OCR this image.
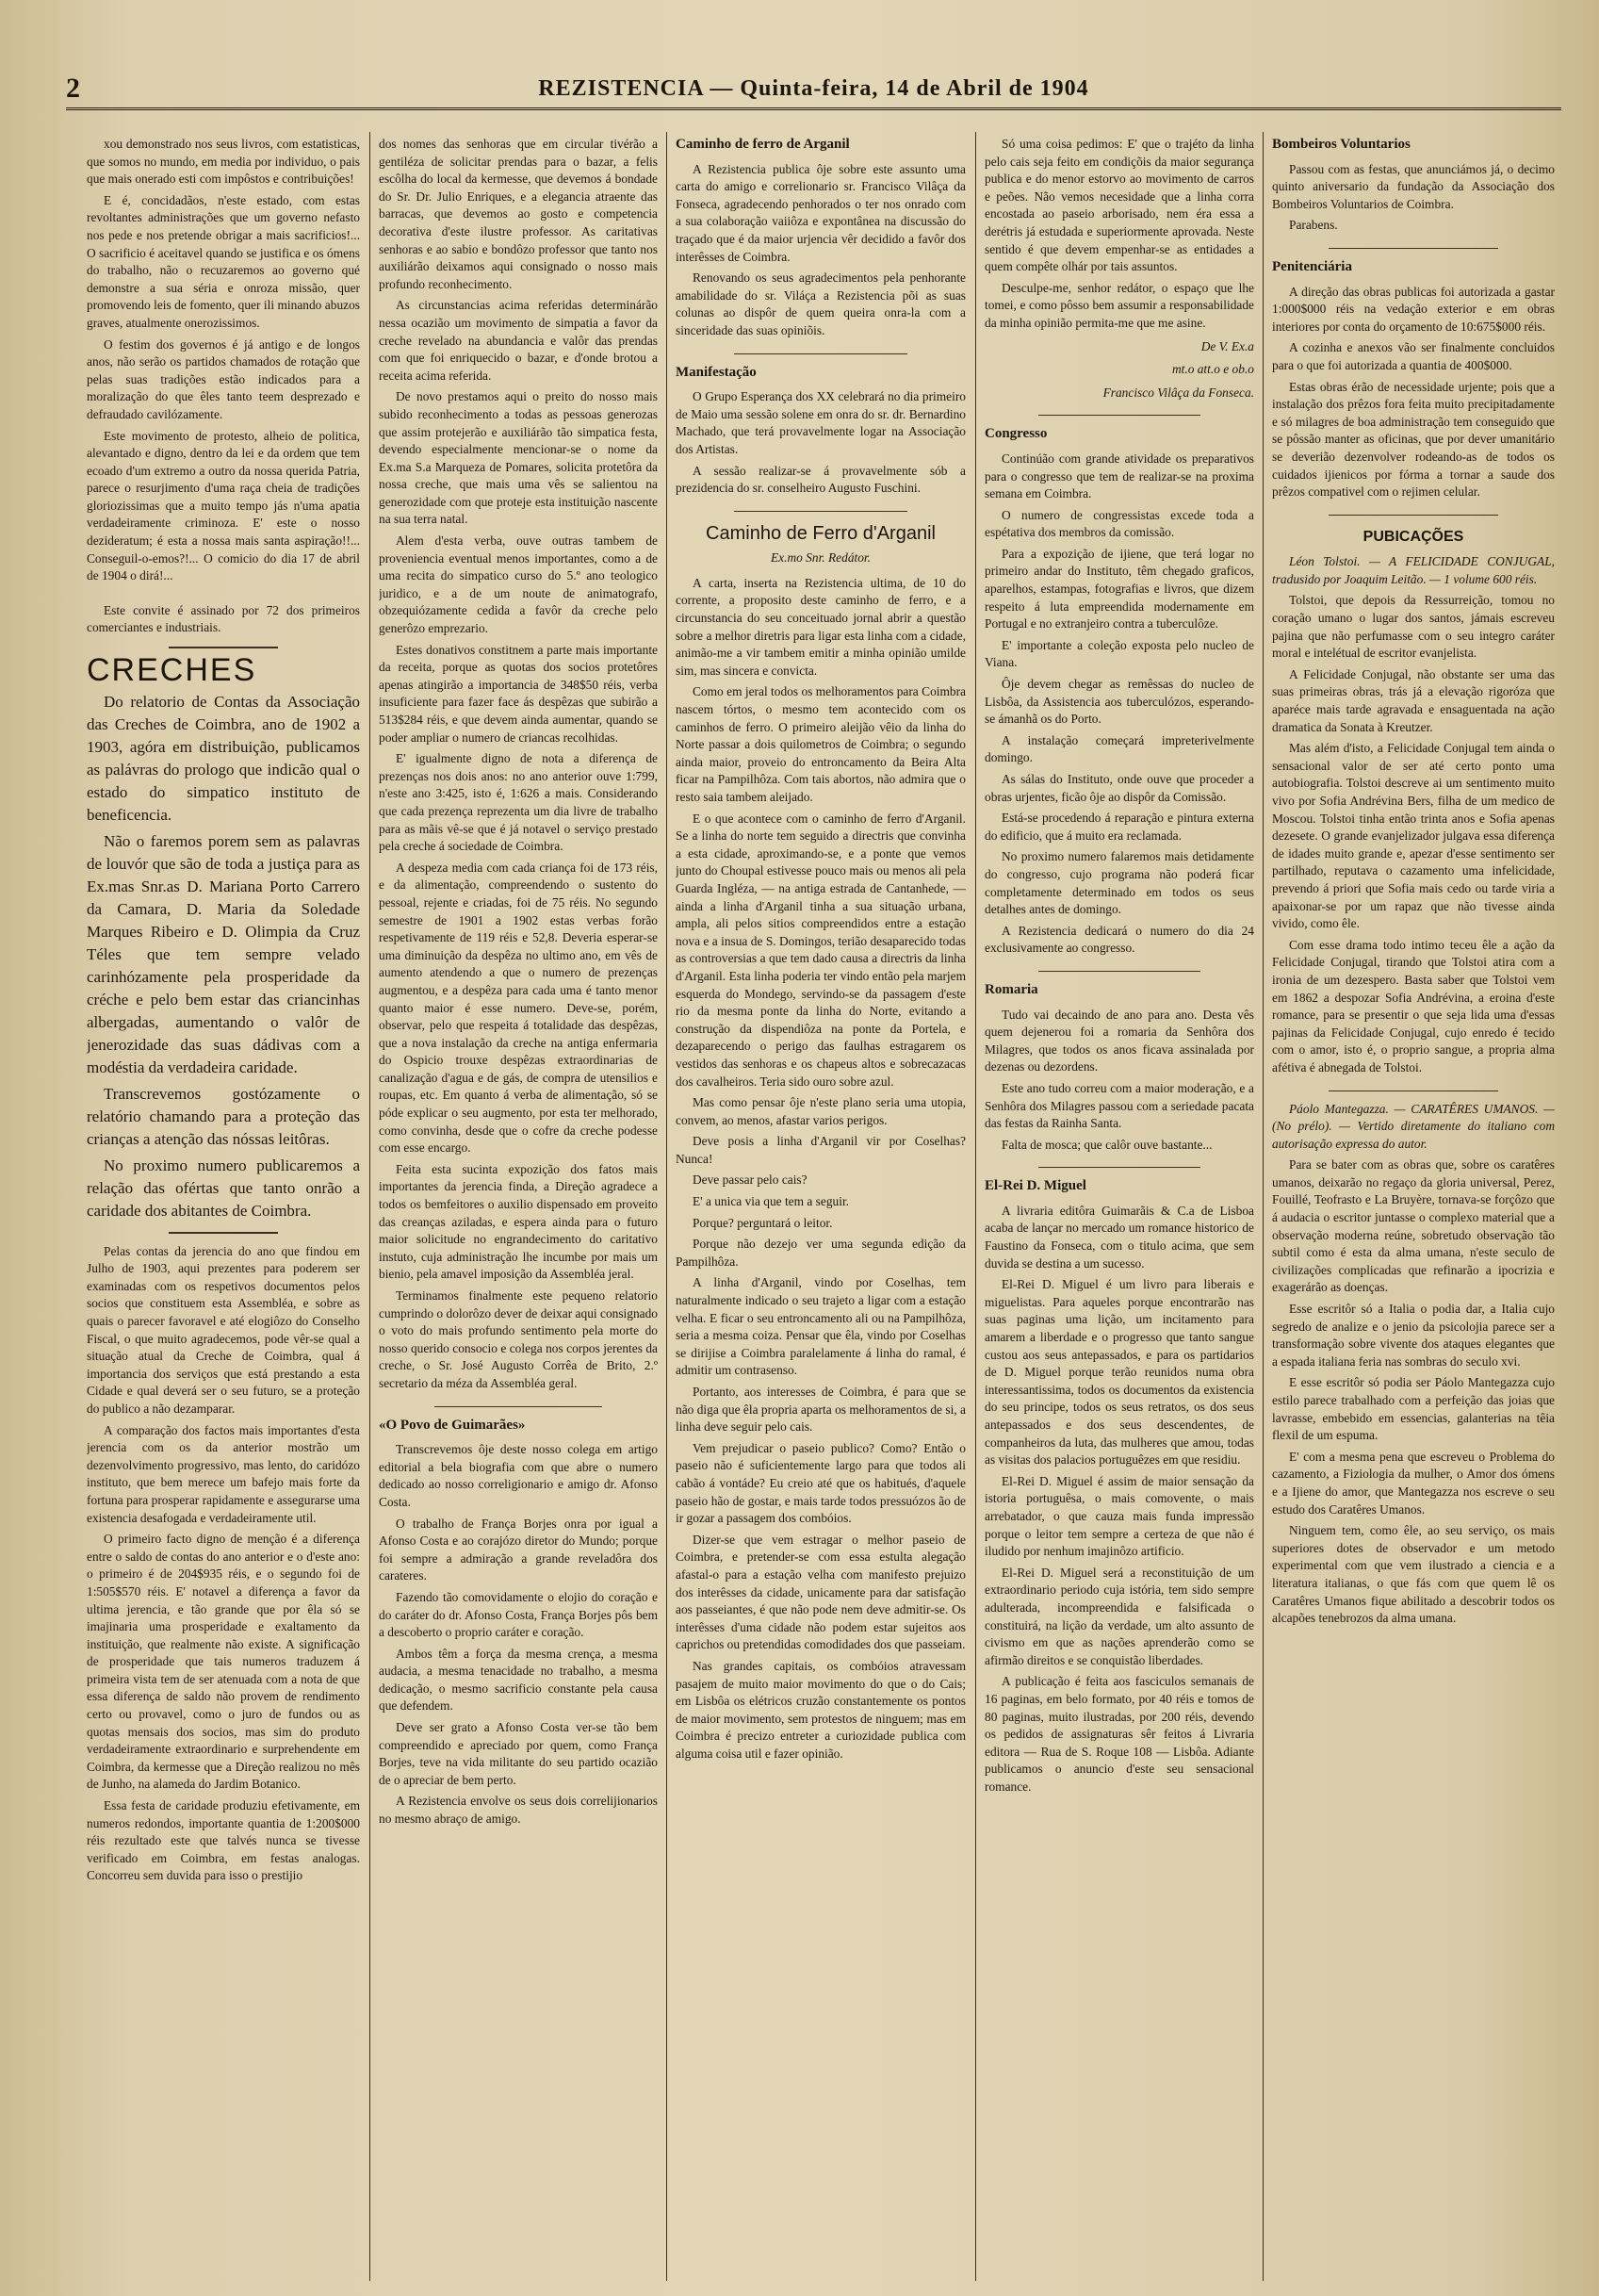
2	REZISTENCIA — Quinta-feira, 14 de Abril de 1904

xou demonstrado nos seus livros, com estatisticas, que somos no mundo, em media por individuo, o pais que mais onerado esti com impôstos e contribuições!

E é, concidadãos, n'este estado, com estas revoltantes administrações que um governo nefasto nos pede e nos pretende obrigar a mais sacrificios!... O sacrificio é aceitavel quando se justifica e os ómens do trabalho, não o recuzaremos ao governo qué demonstre a sua séria e onroza missão, quer promovendo leis de fomento, quer ili minando abuzos graves, atualmente onerozissimos.

O festim dos governos é já antigo e de longos anos, não serão os partidos chamados de rotação que pelas suas tradições estão indicados para a moralização do que êles tanto teem desprezado e defraudado cavilózamente.

Este movimento de protesto, alheio de politica, alevantado e digno, dentro da lei e da ordem que tem ecoado d'um extremo a outro da nossa querida Patria, parece o resurjimento d'uma raça cheia de tradições gloriozissimas que a muito tempo jás n'uma apatia verdadeiramente criminoza. E' este o nosso dezideratum; é esta a nossa mais santa aspiração!!... Conseguil-o-emos?!... O comicio do dia 17 de abril de 1904 o dirá!...

Este convite é assinado por 72 dos primeiros comerciantes e industriais.

CRECHES

Do relatorio de Contas da Associação das Creches de Coimbra, ano de 1902 a 1903, agóra em distribuição, publicamos as palávras do prologo que indicão qual o estado do simpatico instituto de beneficencia.

Não o faremos porem sem as palavras de louvór que são de toda a justiça para as Ex.mas Snr.as D. Mariana Porto Carrero da Camara, D. Maria da Soledade Marques Ribeiro e D. Olimpia da Cruz Téles que tem sempre velado carinhózamente pela prosperidade da créche e pelo bem estar das criancinhas albergadas, aumentando o valôr de jenerozidade das suas dádivas com a modéstia da verdadeira caridade.

Transcrevemos gostózamente o relatório chamando para a proteção das crianças a atenção das nóssas leitôras.

No proximo numero publicaremos a relação das ofértas que tanto onrão a caridade dos abitantes de Coimbra.

Pelas contas da jerencia do ano que findou em Julho de 1903, aqui prezentes para poderem ser examinadas com os respetivos documentos pelos socios que constituem esta Assembléa, e sobre as quais o parecer favoravel e até elogiôzo do Conselho Fiscal, o que muito agradecemos, pode vêr-se qual a situação atual da Creche de Coimbra, qual á importancia dos serviços que está prestando a esta Cidade e qual deverá ser o seu futuro, se a proteção do publico a não dezamparar.

A comparação dos factos mais importantes d'esta jerencia com os da anterior mostrão um dezenvolvimento progressivo, mas lento, do caridózo instituto, que bem merece um bafejo mais forte da fortuna para prosperar rapidamente e assegurarse uma existencia desafogada e verdadeiramente util.

O primeiro facto digno de menção é a diferença entre o saldo de contas do ano anterior e o d'este ano: o primeiro é de 204$935 réis, e o segundo foi de 1:505$570 réis. E' notavel a diferença a favor da ultima jerencia, e tão grande que por êla só se imajinaria uma prosperidade e exaltamento da instituição, que realmente não existe. A significação de prosperidade que tais numeros traduzem á primeira vista tem de ser atenuada com a nota de que essa diferença de saldo não provem de rendimento certo ou provavel, como o juro de fundos ou as quotas mensais dos socios, mas sim do produto verdadeiramente extraordinario e surprehendente em Coimbra, da kermesse que a Direção realizou no mês de Junho, na alameda do Jardim Botanico.

Essa festa de caridade produziu efetivamente, em numeros redondos, importante quantia de 1:200$000 réis rezultado este que talvés nunca se tivesse verificado em Coimbra, em festas analogas. Concorreu sem duvida para isso o prestijio

dos nomes das senhoras que em circular tivérão a gentiléza de solicitar prendas para o bazar, a felis escôlha do local da kermesse, que devemos á bondade do Sr. Dr. Julio Enriques, e a elegancia atraente das barracas, que devemos ao gosto e competencia decorativa d'este ilustre professor. As caritativas senhoras e ao sabio e bondôzo professor que tanto nos auxiliárão deixamos aqui consignado o nosso mais profundo reconhecimento.

As circunstancias acima referidas determinárão nessa ocazião um movimento de simpatia a favor da creche revelado na abundancia e valôr das prendas com que foi enriquecido o bazar, e d'onde brotou a receita acima referida.

De novo prestamos aqui o preito do nosso mais subido reconhecimento a todas as pessoas generozas que assim protejerão e auxiliárão tão simpatica festa, devendo especialmente mencionar-se o nome da Ex.ma S.a Marqueza de Pomares, solicita protetôra da nossa creche, que mais uma vês se salientou na generozidade com que proteje esta instituição nascente na sua terra natal.

Alem d'esta verba, ouve outras tambem de proveniencia eventual menos importantes, como a de uma recita do simpatico curso do 5.º ano teologico juridico, e a de um noute de animatografo, obzequiózamente cedida a favôr da creche pelo generôzo emprezario.

Estes donativos constitnem a parte mais importante da receita, porque as quotas dos socios protetôres apenas atingirão a importancia de 348$50 réis, verba insuficiente para fazer face ás despêzas que subirão a 513$284 réis, e que devem ainda aumentar, quando se poder ampliar o numero de criancas recolhidas.

E' igualmente digno de nota a diferença de prezenças nos dois anos: no ano anterior ouve 1:799, n'este ano 3:425, isto é, 1:626 a mais. Considerando que cada prezença reprezenta um dia livre de trabalho para as mãis vê-se que é já notavel o serviço prestado pela creche á sociedade de Coimbra.

A despeza media com cada criança foi de 173 réis, e da alimentação, compreendendo o sustento do pessoal, rejente e criadas, foi de 75 réis. No segundo semestre de 1901 a 1902 estas verbas forão respetivamente de 119 réis e 52,8. Deveria esperar-se uma diminuição da despêza no ultimo ano, em vês de aumento atendendo a que o numero de prezenças augmentou, e a despêza para cada uma é tanto menor quanto maior é esse numero. Deve-se, porém, observar, pelo que respeita á totalidade das despêzas, que a nova instalação da creche na antiga enfermaria do Ospicio trouxe despêzas extraordinarias de canalização d'agua e de gás, de compra de utensilios e roupas, etc. Em quanto á verba de alimentação, só se póde explicar o seu augmento, por esta ter melhorado, como convinha, desde que o cofre da creche podesse com esse encargo.

Feita esta sucinta expozição dos fatos mais importantes da jerencia finda, a Direção agradece a todos os bemfeitores o auxilio dispensado em proveito das creanças aziladas, e espera ainda para o futuro maior solicitude no engrandecimento do caritativo instuto, cuja administração lhe incumbe por mais um bienio, pela amavel imposição da Assembléa jeral.

Terminamos finalmente este pequeno relatorio cumprindo o dolorôzo dever de deixar aqui consignado o voto do mais profundo sentimento pela morte do nosso querido consocio e colega nos corpos jerentes da creche, o Sr. José Augusto Corrêa de Brito, 2.º secretario da méza da Assembléa geral.

«O Povo de Guimarães»

Transcrevemos ôje deste nosso colega em artigo editorial a bela biografia com que abre o numero dedicado ao nosso correligionario e amigo dr. Afonso Costa.

O trabalho de França Borjes onra por igual a Afonso Costa e ao corajózo diretor do Mundo; porque foi sempre a admiração a grande reveladôra dos carateres.

Fazendo tão comovidamente o elojio do coração e do caráter do dr. Afonso Costa, França Borjes pôs bem a descoberto o proprio caráter e coração.

Ambos têm a força da mesma crença, a mesma audacia, a mesma tenacidade no trabalho, a mesma dedicação, o mesmo sacrificio constante pela causa que defendem.

Deve ser grato a Afonso Costa ver-se tão bem compreendido e apreciado por quem, como França Borjes, teve na vida militante do seu partido ocazião de o apreciar de bem perto.

A Rezistencia envolve os seus dois correlijionarios no mesmo abraço de amigo.

Caminho de ferro de Arganil

A Rezistencia publica ôje sobre este assunto uma carta do amigo e correlionario sr. Francisco Vilâça da Fonseca, agradecendo penhorados o ter nos onrado com a sua colaboração vaiiôza e expontânea na discussão do traçado que é da maior urjencia vêr decidido a favôr dos interêsses de Coimbra.

Renovando os seus agradecimentos pela penhorante amabilidade do sr. Viláça a Rezistencia põi as suas colunas ao dispôr de quem queira onra-la com a sinceridade das suas opiniõis.

Manifestação

O Grupo Esperança dos XX celebrará no dia primeiro de Maio uma sessão solene em onra do sr. dr. Bernardino Machado, que terá provavelmente logar na Associação dos Artistas.

A sessão realizar-se á provavelmente sób a prezidencia do sr. conselheiro Augusto Fuschini.

Caminho de Ferro d'Arganil
Ex.mo Snr. Redátor.

A carta, inserta na Rezistencia ultima, de 10 do corrente, a proposito deste caminho de ferro, e a circunstancia do seu conceituado jornal abrir a questão sobre a melhor diretris para ligar esta linha com a cidade, animão-me a vir tambem emitir a minha opinião umilde sim, mas sincera e convicta.

Como em jeral todos os melhoramentos para Coimbra nascem tórtos, o mesmo tem acontecido com os caminhos de ferro. O primeiro aleijão vêio da linha do Norte passar a dois quilometros de Coimbra; o segundo ainda maior, proveio do entroncamento da Beira Alta ficar na Pampilhôza. Com tais abortos, não admira que o resto saia tambem aleijado.

E o que acontece com o caminho de ferro d'Arganil. Se a linha do norte tem seguido a directris que convinha a esta cidade, aproximando-se, e a ponte que vemos junto do Choupal estivesse pouco mais ou menos ali pela Guarda Ingléza, — na antiga estrada de Cantanhede, — ainda a linha d'Arganil tinha a sua situação urbana, ampla, ali pelos sitios compreendidos entre a estação nova e a insua de S. Domingos, terião desaparecido todas as controversias a que tem dado causa a directris da linha d'Arganil. Esta linha poderia ter vindo então pela marjem esquerda do Mondego, servindo-se da passagem d'este rio da mesma ponte da linha do Norte, evitando a construção da dispendiôza na ponte da Portela, e dezaparecendo o perigo das faulhas estragarem os vestidos das senhoras e os chapeus altos e sobrecazacas dos cavalheiros. Teria sido ouro sobre azul.

Mas como pensar ôje n'este plano seria uma utopia, convem, ao menos, afastar varios perigos.

Deve posis a linha d'Arganil vir por Coselhas? Nunca!

Deve passar pelo cais?

E' a unica via que tem a seguir.

Porque? perguntará o leitor.

Porque não dezejo ver uma segunda edição da Pampilhôza.

A linha d'Arganil, vindo por Coselhas, tem naturalmente indicado o seu trajeto a ligar com a estação velha. E ficar o seu entroncamento ali ou na Pampilhôza, seria a mesma coiza. Pensar que êla, vindo por Coselhas se dirijise a Coimbra paralelamente á linha do ramal, é admitir um contrasenso.

Portanto, aos interesses de Coimbra, é para que se não diga que êla propria aparta os melhoramentos de si, a linha deve seguir pelo cais.

Vem prejudicar o paseio publico? Como? Então o paseio não é suficientemente largo para que todos ali cabão á vontáde? Eu creio até que os habitués, d'aquele paseio hão de gostar, e mais tarde todos pressuózos ão de ir gozar a passagem dos combóios.

Dizer-se que vem estragar o melhor paseio de Coimbra, e pretender-se com essa estulta alegação afastal-o para a estação velha com manifesto prejuizo dos interêsses da cidade, unicamente para dar satisfação aos passeiantes, é que não pode nem deve admitir-se. Os interêsses d'uma cidade não podem estar sujeitos aos caprichos ou pretendidas comodidades dos que passeiam.

Nas grandes capitais, os combóios atravessam pasajem de muito maior movimento do que o do Cais; em Lisbôa os elétricos cruzão constantemente os pontos de maior movimento, sem protestos de ninguem; mas em Coimbra é precizo entreter a curiozidade publica com alguma coisa util e fazer opinião.

Só uma coisa pedimos: E' que o trajéto da linha pelo cais seja feito em condiçõis da maior segurança publica e do menor estorvo ao movimento de carros e peões. Não vemos necesidade que a linha corra encostada ao paseio arborisado, nem éra essa a derétris já estudada e superiormente aprovada. Neste sentido é que devem empenhar-se as entidades a quem compête olhár por tais assuntos.

Desculpe-me, senhor redátor, o espaço que lhe tomei, e como pôsso bem assumir a responsabilidade da minha opinião permita-me que me asine.

De V. Ex.a
mt.o att.o e ob.o
Francisco Vilâça da Fonseca.
Congresso

Continúão com grande atividade os preparativos para o congresso que tem de realizar-se na proxima semana em Coimbra.

O numero de congressistas excede toda a espétativa dos membros da comissão.

Para a expozição de ijiene, que terá logar no primeiro andar do Instituto, têm chegado graficos, aparelhos, estampas, fotografias e livros, que dizem respeito á luta empreendida modernamente em Portugal e no extranjeiro contra a tuberculôze.

E' importante a coleção exposta pelo nucleo de Viana.

Ôje devem chegar as remêssas do nucleo de Lisbôa, da Assistencia aos tuberculózos, esperando-se ámanhã os do Porto.

A instalação começará impreterivelmente domingo.

As sálas do Instituto, onde ouve que proceder a obras urjentes, ficão ôje ao dispôr da Comissão.

Está-se procedendo á reparação e pintura externa do edificio, que á muito era reclamada.

No proximo numero falaremos mais detidamente do congresso, cujo programa não poderá ficar completamente determinado em todos os seus detalhes antes de domingo.

A Rezistencia dedicará o numero do dia 24 exclusivamente ao congresso.

Romaria

Tudo vai decaindo de ano para ano. Desta vês quem dejenerou foi a romaria da Senhôra dos Milagres, que todos os anos ficava assinalada por dezenas ou dezordens.

Este ano tudo correu com a maior moderação, e a Senhôra dos Milagres passou com a seriedade pacata das festas da Rainha Santa.

Falta de mosca; que calôr ouve bastante...

El-Rei D. Miguel

A livraria editôra Guimarãis & C.a de Lisboa acaba de lançar no mercado um romance historico de Faustino da Fonseca, com o titulo acima, que sem duvida se destina a um sucesso.

El-Rei D. Miguel é um livro para liberais e miguelistas. Para aqueles porque encontrarão nas suas paginas uma lição, um incitamento para amarem a liberdade e o progresso que tanto sangue custou aos seus antepassados, e para os partidarios de D. Miguel porque terão reunidos numa obra interessantissima, todos os documentos da existencia do seu principe, todos os seus retratos, os dos seus antepassados e dos seus descendentes, de companheiros da luta, das mulheres que amou, todas as visitas dos palacios portuguêzes em que residiu.

El-Rei D. Miguel é assim de maior sensação da istoria portuguêsa, o mais comovente, o mais arrebatador, o que cauza mais funda impressão porque o leitor tem sempre a certeza de que não é iludido por nenhum imajinôzo artificio.

El-Rei D. Miguel será a reconstituição de um extraordinario periodo cuja istória, tem sido sempre adulterada, incompreendida e falsificada o constituirá, na lição da verdade, um alto assunto de civismo em que as nações aprenderão como se afirmão direitos e se conquistão liberdades.

A publicação é feita aos fasciculos semanais de 16 paginas, em belo formato, por 40 réis e tomos de 80 paginas, muito ilustradas, por 200 réis, devendo os pedidos de assignaturas sêr feitos á Livraria editora — Rua de S. Roque 108 — Lisbôa. Adiante publicamos o anuncio d'este seu sensacional romance.

Bombeiros Voluntarios

Passou com as festas, que anunciámos já, o decimo quinto aniversario da fundação da Associação dos Bombeiros Voluntarios de Coimbra.

Parabens.

Penitenciária

A direção das obras publicas foi autorizada a gastar 1:000$000 réis na vedação exterior e em obras interiores por conta do orçamento de 10:675$000 réis.

A cozinha e anexos vão ser finalmente concluidos para o que foi autorizada a quantia de 400$000.

Estas obras érão de necessidade urjente; pois que a instalação dos prêzos fora feita muito precipitadamente e só milagres de boa administração tem conseguido que se pôssão manter as oficinas, que por dever umanitário se deverião dezenvolver rodeando-as de todos os cuidados ijienicos por fórma a tornar a saude dos prêzos compativel com o rejimen celular.

PUBICAÇÕES

Léon Tolstoi. — A FELICIDADE CONJUGAL, tradusido por Joaquim Leitão. — 1 volume 600 réis.

Tolstoi, que depois da Ressurreição, tomou no coração umano o lugar dos santos, jámais escreveu pajina que não perfumasse com o seu integro caráter moral e intelétual de escritor evanjelista.

A Felicidade Conjugal, não obstante ser uma das suas primeiras obras, trás já a elevação rigoróza que aparéce mais tarde agravada e ensaguentada na ação dramatica da Sonata à Kreutzer.

Mas além d'isto, a Felicidade Conjugal tem ainda o sensacional valor de ser até certo ponto uma autobiografia. Tolstoi descreve ai um sentimento muito vivo por Sofia Andrévina Bers, filha de um medico de Moscou. Tolstoi tinha então trinta anos e Sofia apenas dezesete. O grande evanjelizador julgava essa diferença de idades muito grande e, apezar d'esse sentimento ser partilhado, reputava o cazamento uma infelicidade, prevendo á priori que Sofia mais cedo ou tarde viria a apaixonar-se por um rapaz que não tivesse ainda vivido, como êle.

Com esse drama todo intimo teceu êle a ação da Felicidade Conjugal, tirando que Tolstoi atira com a ironia de um dezespero. Basta saber que Tolstoi vem em 1862 a despozar Sofia Andrévina, a eroina d'este romance, para se presentir o que seja lida uma d'essas pajinas da Felicidade Conjugal, cujo enredo é tecido com o amor, isto é, o proprio sangue, a propria alma afétiva é abnegada de Tolstoi.

Páolo Mantegazza. — CARATÊRES UMANOS. — (No prélo). — Vertido diretamente do italiano com autorisação expressa do autor.

Para se bater com as obras que, sobre os caratêres umanos, deixarão no regaço da gloria universal, Perez, Fouillé, Teofrasto e La Bruyère, tornava-se forçôzo que á audacia o escritor juntasse o complexo material que a observação moderna reúne, sobretudo observação tão subtil como é esta da alma umana, n'este seculo de civilizações complicadas que refinarão a ipocrizia e exagerárão as doenças.

Esse escritôr só a Italia o podia dar, a Italia cujo segredo de analize e o jenio da psicolojia parece ser a transformação sobre vivente dos ataques elegantes que a espada italiana feria nas sombras do seculo xvi.

E esse escritôr só podia ser Páolo Mantegazza cujo estilo parece trabalhado com a perfeição das joias que lavrasse, embebido em essencias, galanterias na têia flexil de um espuma.

E' com a mesma pena que escreveu o Problema do cazamento, a Fiziologia da mulher, o Amor dos ómens e a Ijiene do amor, que Mantegazza nos escreve o seu estudo dos Caratêres Umanos.

Ninguem tem, como êle, ao seu serviço, os mais superiores dotes de observador e um metodo experimental com que vem ilustrado a ciencia e a literatura italianas, o que fás com que quem lê os Caratêres Umanos fique abilitado a descobrir todos os alcapões tenebrozos da alma umana.
